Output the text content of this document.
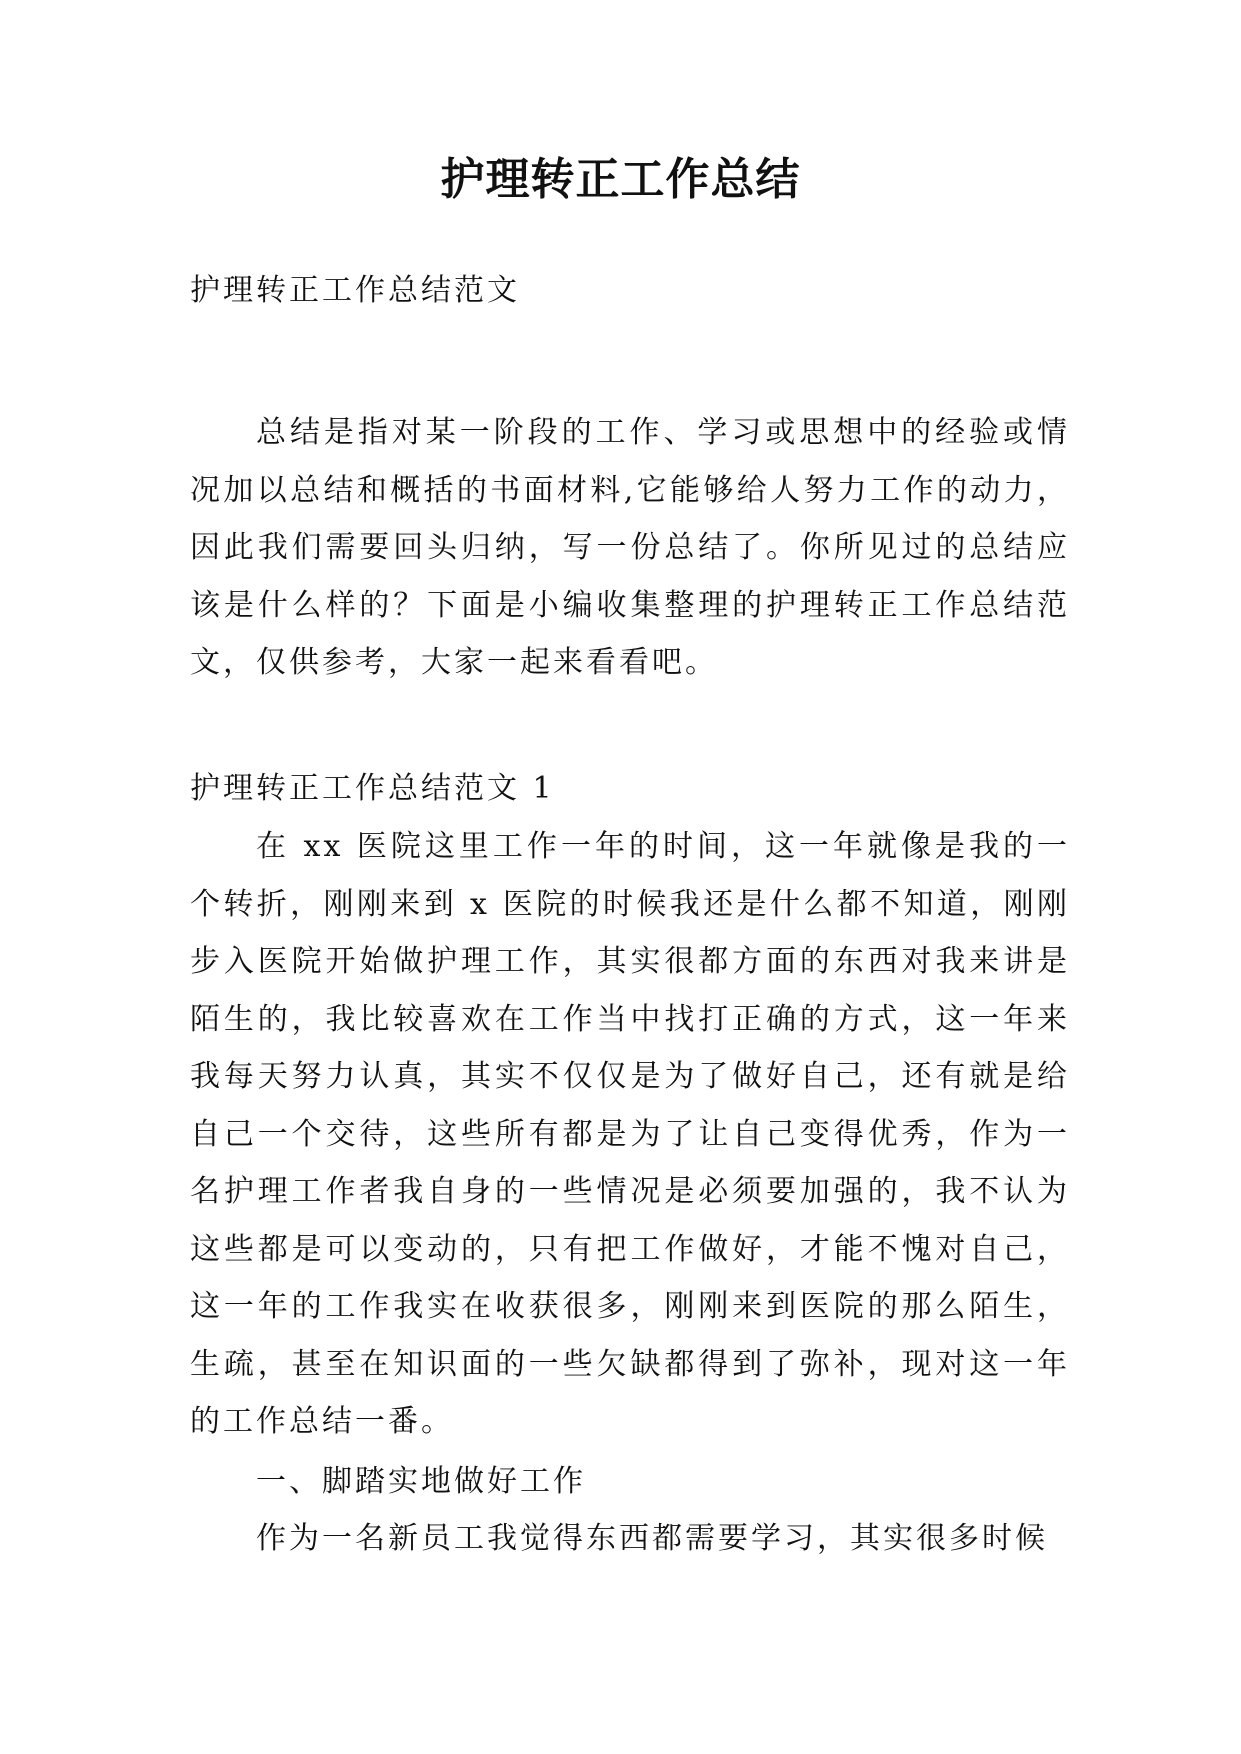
护理转正工作总结

护理转正工作总结范文

总结是指对某一阶段的工作、学习或思想中的经验或情况加以总结和概括的书面材料,它能够给人努力工作的动力，因此我们需要回头归纳，写一份总结了。你所见过的总结应该是什么样的？下面是小编收集整理的护理转正工作总结范文，仅供参考，大家一起来看看吧。

护理转正工作总结范文 1

在 xx 医院这里工作一年的时间，这一年就像是我的一个转折，刚刚来到 x 医院的时候我还是什么都不知道，刚刚步入医院开始做护理工作，其实很都方面的东西对我来讲是陌生的，我比较喜欢在工作当中找打正确的方式，这一年来我每天努力认真，其实不仅仅是为了做好自己，还有就是给自己一个交待，这些所有都是为了让自己变得优秀，作为一名护理工作者我自身的一些情况是必须要加强的，我不认为这些都是可以变动的，只有把工作做好，才能不愧对自己，这一年的工作我实在收获很多，刚刚来到医院的那么陌生，生疏，甚至在知识面的一些欠缺都得到了弥补，现对这一年的工作总结一番。

一、脚踏实地做好工作

作为一名新员工我觉得东西都需要学习，其实很多时候
